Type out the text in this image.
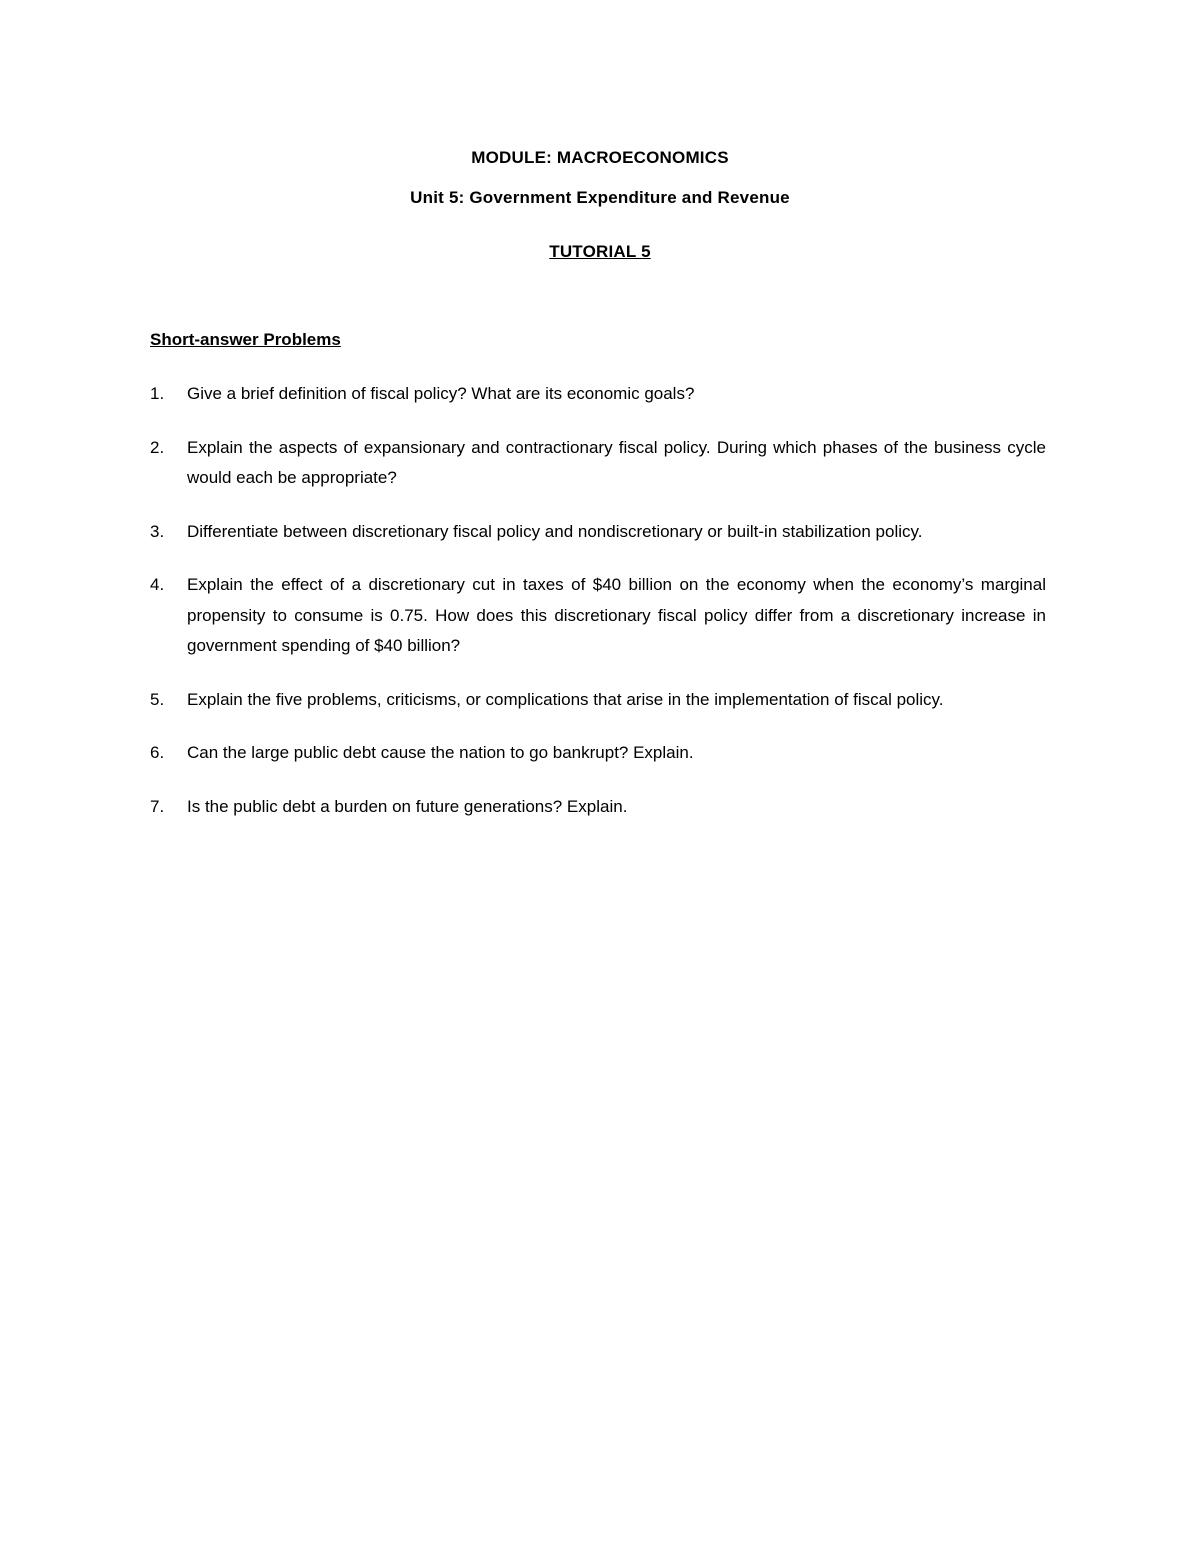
MODULE: MACROECONOMICS
Unit 5: Government Expenditure and Revenue
TUTORIAL 5
Short-answer Problems
1.	Give a brief definition of fiscal policy? What are its economic goals?
2.	Explain the aspects of expansionary and contractionary fiscal policy. During which phases of the business cycle would each be appropriate?
3.	Differentiate between discretionary fiscal policy and nondiscretionary or built-in stabilization policy.
4.	Explain the effect of a discretionary cut in taxes of $40 billion on the economy when the economy’s marginal propensity to consume is 0.75. How does this discretionary fiscal policy differ from a discretionary increase in government spending of $40 billion?
5.	Explain the five problems, criticisms, or complications that arise in the implementation of fiscal policy.
6.	Can the large public debt cause the nation to go bankrupt? Explain.
7.	Is the public debt a burden on future generations? Explain.
